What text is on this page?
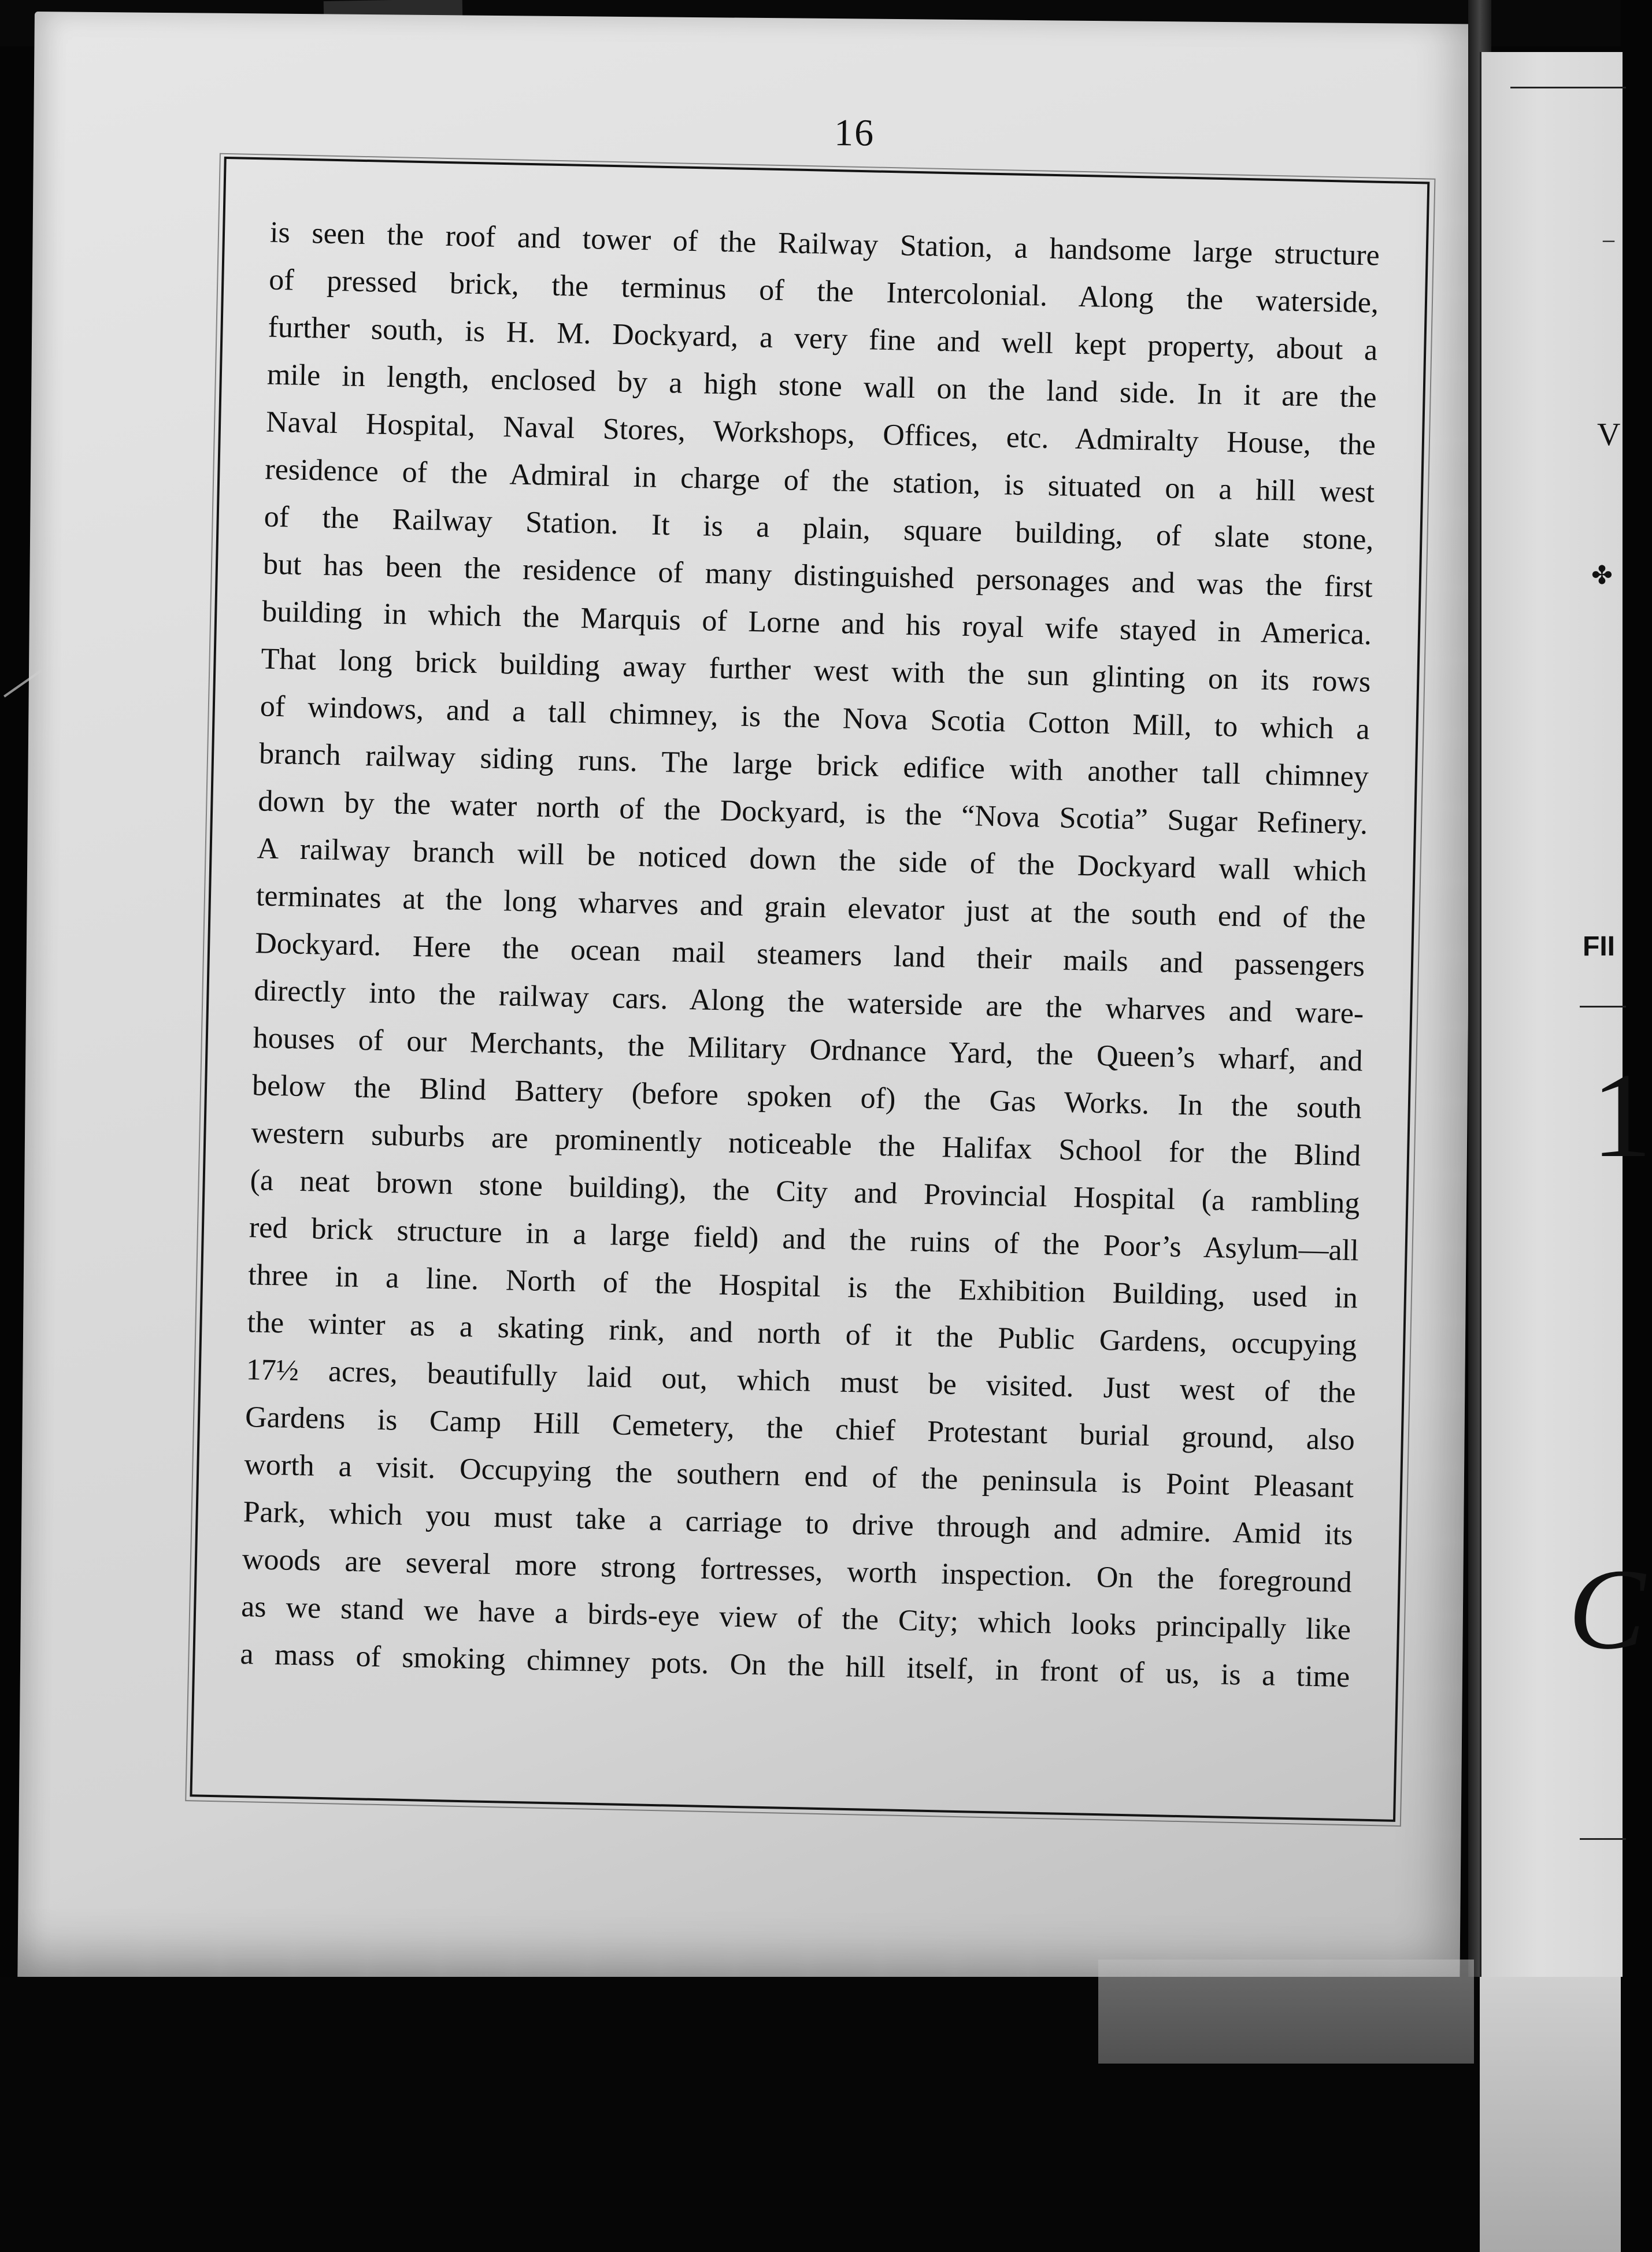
16
is seen the roof and tower of the Railway Station, a handsome large structure
of pressed brick, the terminus of the Intercolonial. Along the waterside,
further south, is H. M. Dockyard, a very fine and well kept property, about a
mile in length, enclosed by a high stone wall on the land side. In it are the
Naval Hospital, Naval Stores, Workshops, Offices, etc. Admiralty House, the
residence of the Admiral in charge of the station, is situated on a hill west
of the Railway Station. It is a plain, square building, of slate stone,
but has been the residence of many distinguished personages and was the first
building in which the Marquis of Lorne and his royal wife stayed in America.
That long brick building away further west with the sun glinting on its rows
of windows, and a tall chimney, is the Nova Scotia Cotton Mill, to which a
branch railway siding runs. The large brick edifice with another tall chimney
down by the water north of the Dockyard, is the “Nova Scotia” Sugar Refinery.
A railway branch will be noticed down the side of the Dockyard wall which
terminates at the long wharves and grain elevator just at the south end of the
Dockyard. Here the ocean mail steamers land their mails and passengers
directly into the railway cars. Along the waterside are the wharves and ware-
houses of our Merchants, the Military Ordnance Yard, the Queen’s wharf, and
below the Blind Battery (before spoken of) the Gas Works. In the south
western suburbs are prominently noticeable the Halifax School for the Blind
(a neat brown stone building), the City and Provincial Hospital (a rambling
red brick structure in a large field) and the ruins of the Poor’s Asylum—all
three in a line. North of the Hospital is the Exhibition Building, used in
the winter as a skating rink, and north of it the Public Gardens, occupying
17½ acres, beautifully laid out, which must be visited. Just west of the
Gardens is Camp Hill Cemetery, the chief Protestant burial ground, also
worth a visit. Occupying the southern end of the peninsula is Point Pleasant
Park, which you must take a carriage to drive through and admire. Amid its
woods are several more strong fortresses, worth inspection. On the foreground
as we stand we have a birds-eye view of the City; which looks principally like
a mass of smoking chimney pots. On the hill itself, in front of us, is a time
–
V
✤
FII
1
C
